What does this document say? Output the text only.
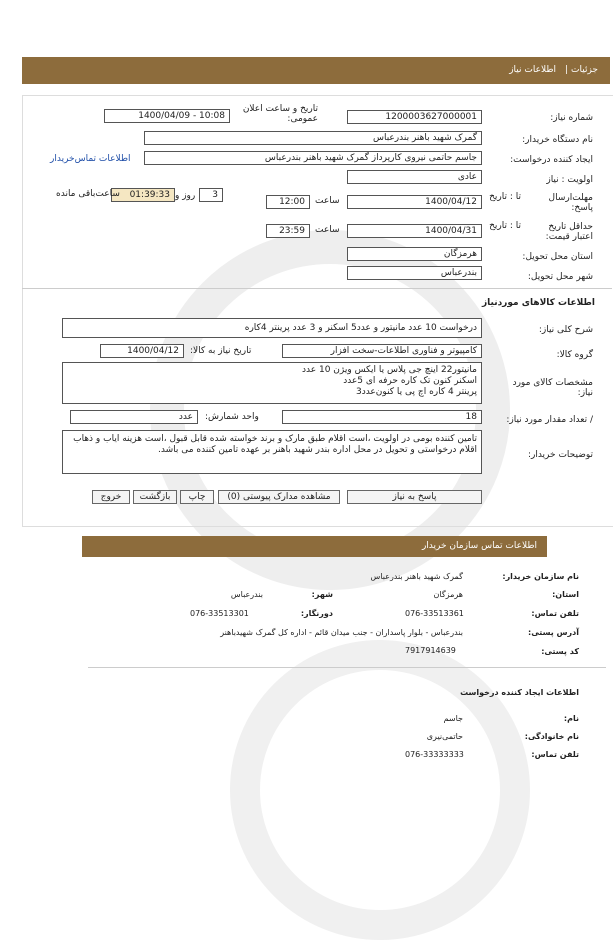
جزئیات
|
اطلاعات نیاز
شماره نیاز:
1200003627000001
تاریخ و ساعت اعلان عمومی:
1400/04/09 - 10:08
نام دستگاه خریدار:
گمرک شهید باهنر بندرعباس
ایجاد کننده درخواست:
جاسم حاتمی نیروی کارپرداز گمرک شهید باهنر بندرعباس
اطلاعات تماس‌خریدار
اولویت : نیاز
عادی
مهلت‌ارسال پاسخ:
تا : تاریخ
1400/04/12
ساعت
12:00
3
روز و
01:39:33
ساعت‌باقی مانده
حداقل تاریخ اعتبار قیمت:
تا : تاریخ
1400/04/31
ساعت
23:59
استان محل تحویل:
هرمزگان
شهر محل تحویل:
بندرعباس
اطلاعات کالاهای موردنیاز
شرح کلی نیاز:
درخواست 10 عدد مانیتور و عدد5 اسکنر و 3 عدد پرینتر 4کاره
گروه کالا:
کامپیوتر و فناوری اطلاعات-سخت افزار
تاریخ نیاز به کالا:
1400/04/12
مشخصات کالای مورد نیاز:
مانیتور22 اینچ جی پلاس یا ایکس ویژن 10 عدد
اسکنر کنون تک کاره حرفه ای 5عدد
پرینتر 4 کاره اچ پی یا کنون‌عدد3
/ تعداد مقدار مورد نیاز:
18
واحد شمارش:
عدد
توضیحات خریدار:
تامین کننده بومی در اولویت ،است اقلام طبق مارک و برند خواسته شده قابل قبول ،است هزینه ایاب و ذهاب اقلام درخواستی و تحویل در محل اداره بندر شهید باهنر بر عهده تامین کننده می باشد.
پاسخ به نیاز
مشاهده مدارک پیوستی (0)
چاپ
بازگشت
خروج
اطلاعات تماس سازمان خریدار
نام سازمان خریدار:
گمرک شهید باهنر بندرعباس
استان:
هرمزگان
شهر:
بندرعباس
تلفن تماس:
076-33513361
دورنگار:
076-33513301
آدرس پستی:
بندرعباس - بلوار پاسداران - جنب میدان قائم - اداره کل گمرک شهیدباهنر
کد پستی:
7917914639
اطلاعات ایجاد کننده درخواست
نام:
جاسم
نام خانوادگی:
حاتمی‌نیری
تلفن تماس:
076-33333333
